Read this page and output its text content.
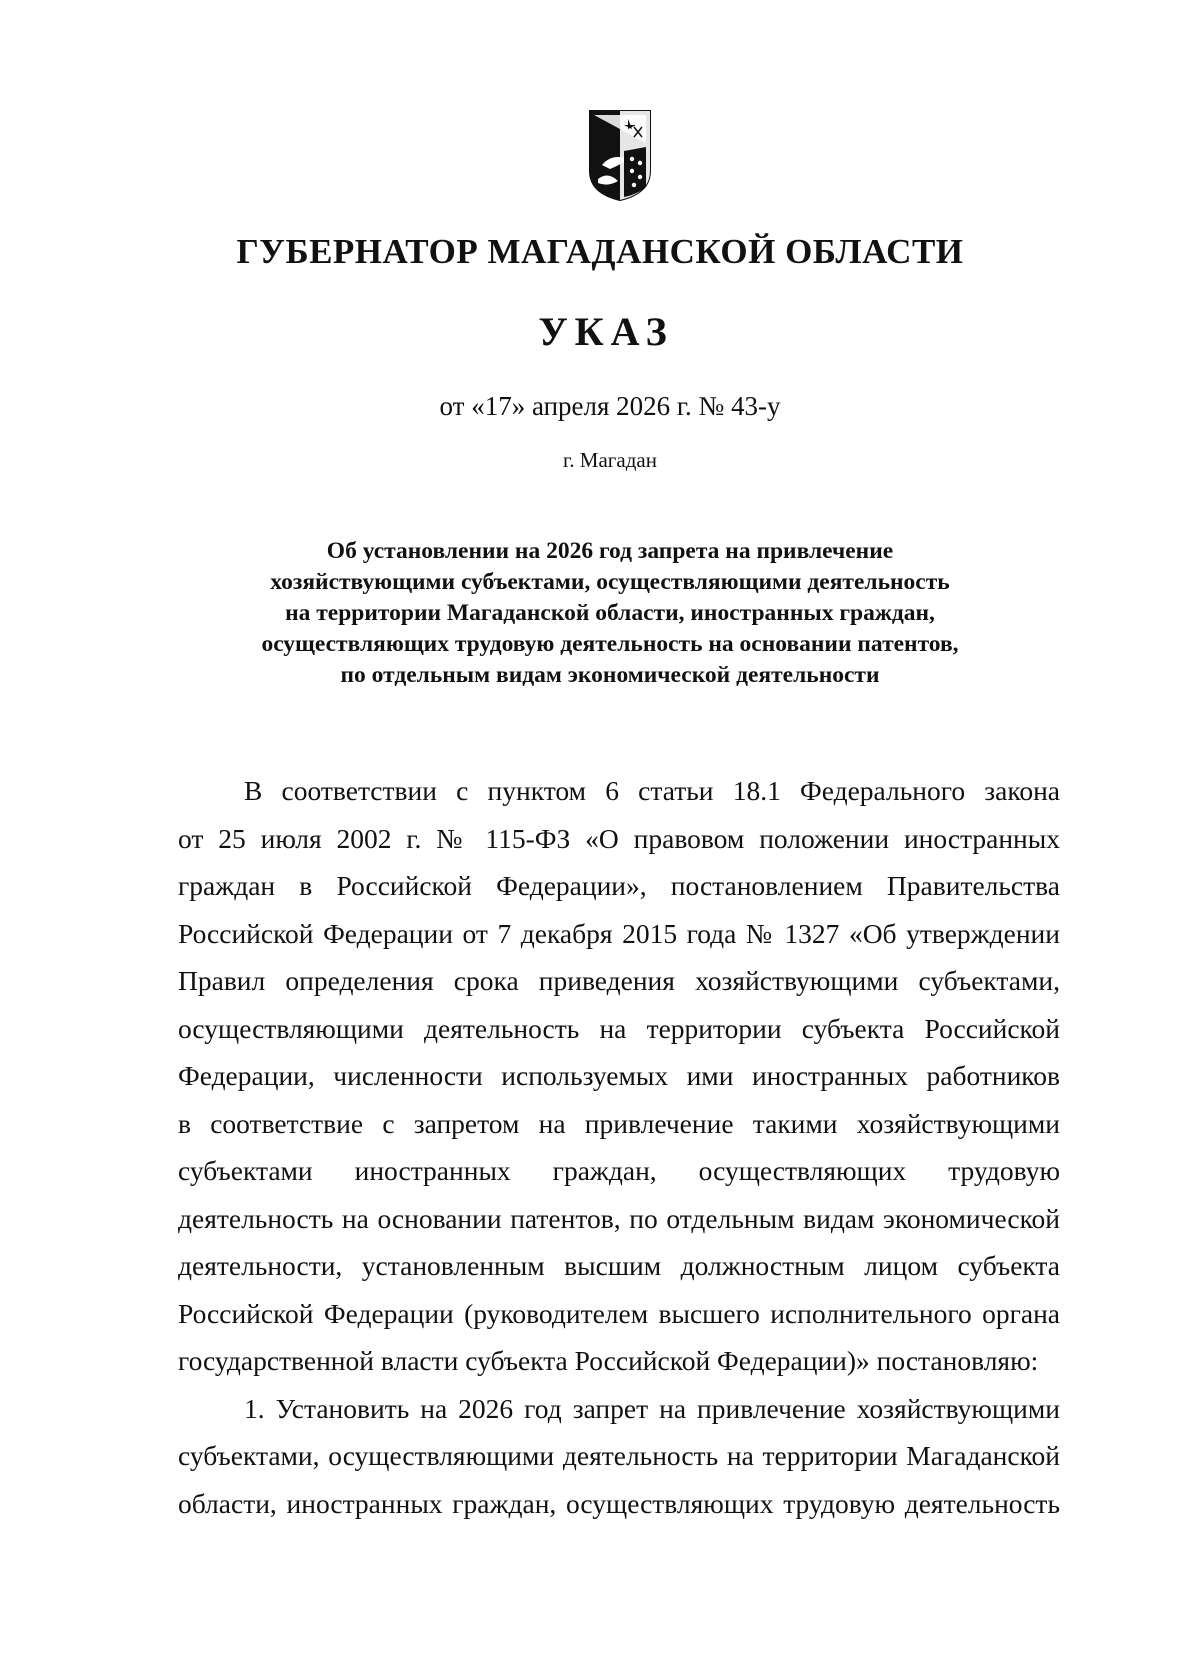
ГУБЕРНАТОР МАГАДАНСКОЙ ОБЛАСТИ
УКАЗ
от «17» апреля 2026 г. № 43-у
г. Магадан
Об установлении на 2026 год запрета на привлечение
хозяйствующими субъектами, осуществляющими деятельность
на территории Магаданской области, иностранных граждан,
осуществляющих трудовую деятельность на основании патентов,
по отдельным видам экономической деятельности
В соответствии с пунктом 6 статьи 18.1 Федерального закона
от 25 июля 2002 г. № 115-ФЗ «О правовом положении иностранных
граждан в Российской Федерации», постановлением Правительства
Российской Федерации от 7 декабря 2015 года № 1327 «Об утверждении
Правил определения срока приведения хозяйствующими субъектами,
осуществляющими деятельность на территории субъекта Российской
Федерации, численности используемых ими иностранных работников
в соответствие с запретом на привлечение такими хозяйствующими
субъектами иностранных граждан, осуществляющих трудовую
деятельность на основании патентов, по отдельным видам экономической
деятельности, установленным высшим должностным лицом субъекта
Российской Федерации (руководителем высшего исполнительного органа
государственной власти субъекта Российской Федерации)» постановляю:
1. Установить на 2026 год запрет на привлечение хозяйствующими
субъектами, осуществляющими деятельность на территории Магаданской
области, иностранных граждан, осуществляющих трудовую деятельность
